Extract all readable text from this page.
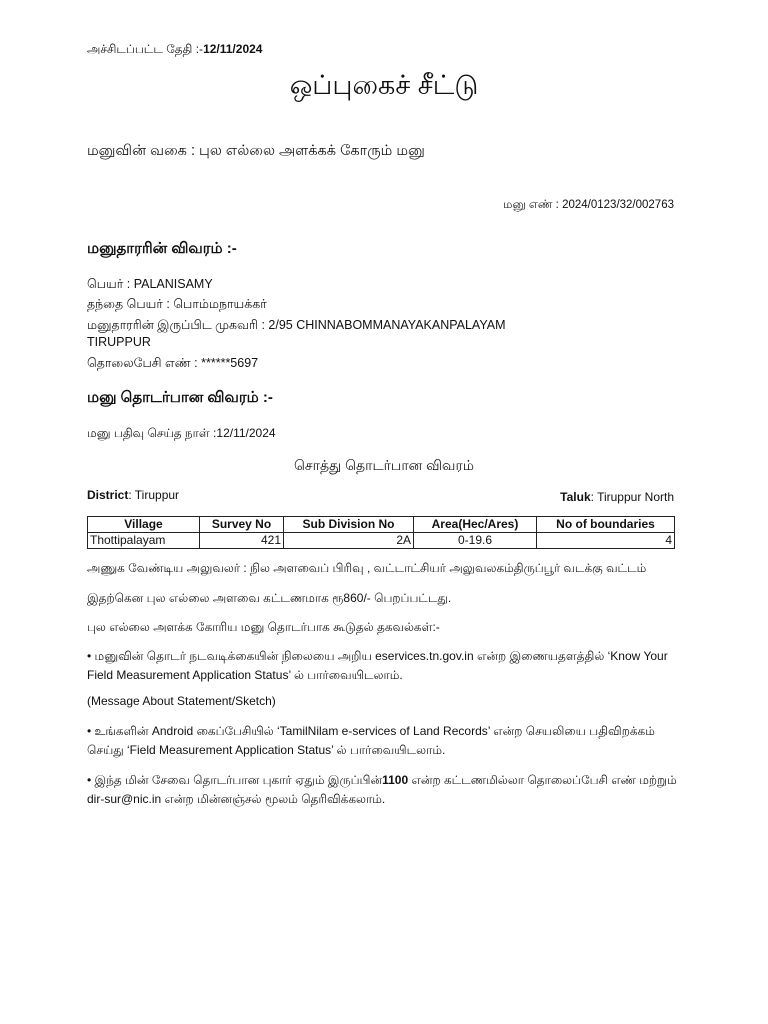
அச்சிடப்பட்ட தேதி :-12/11/2024
ஒப்புகைச் சீட்டு
மனுவின் வகை : புல எல்லை அளக்கக் கோரும் மனு
மனு எண் : 2024/0123/32/002763
மனுதாரரின் விவரம் :-
பெயர் : PALANISAMY
தந்தை பெயர் : பொம்மநாயக்கர்
மனுதாரரின் இருப்பிட முகவரி : 2/95 CHINNABOMMANAYAKANPALAYAM
TIRUPPUR
தொலைபேசி எண் : ******5697
மனு தொடர்பான விவரம் :-
மனு பதிவு செய்த நாள் :12/11/2024
சொத்து தொடர்பான விவரம்
District: Tiruppur	Taluk: Tiruppur North
Village	Survey No	Sub Division No	Area(Hec/Ares)	No of boundaries
Thottipalayam	421	2A	0-19.6	4
அணுக வேண்டிய அலுவலர் : நில அளவைப் பிரிவு , வட்டாட்சியர் அலுவலகம்திருப்பூர் வடக்கு வட்டம்
இதற்கென புல எல்லை அளவை கட்டணமாக ரூ860/- பெறப்பட்டது.
புல எல்லை அளக்க கோரிய மனு தொடர்பாக கூடுதல் தகவல்கள்:-
• மனுவின் தொடர் நடவடிக்கையின் நிலையை அறிய eservices.tn.gov.in என்ற இணையதளத்தில் ‘Know Your Field Measurement Application Status’ ல் பார்வையிடலாம்.
(Message About Statement/Sketch)
• உங்களின் Android கைப்பேசியில் ‘TamilNilam e-services of Land Records’ என்ற செயலியை பதிவிறக்கம் செய்து ‘Field Measurement Application Status’ ல் பார்வையிடலாம்.
• இந்த மின் சேவை தொடர்பான புகார் ஏதும் இருப்பின்1100 என்ற கட்டணமில்லா தொலைப்பேசி எண் மற்றும் dir-sur@nic.in என்ற மின்னஞ்சல் மூலம் தெரிவிக்கலாம்.
